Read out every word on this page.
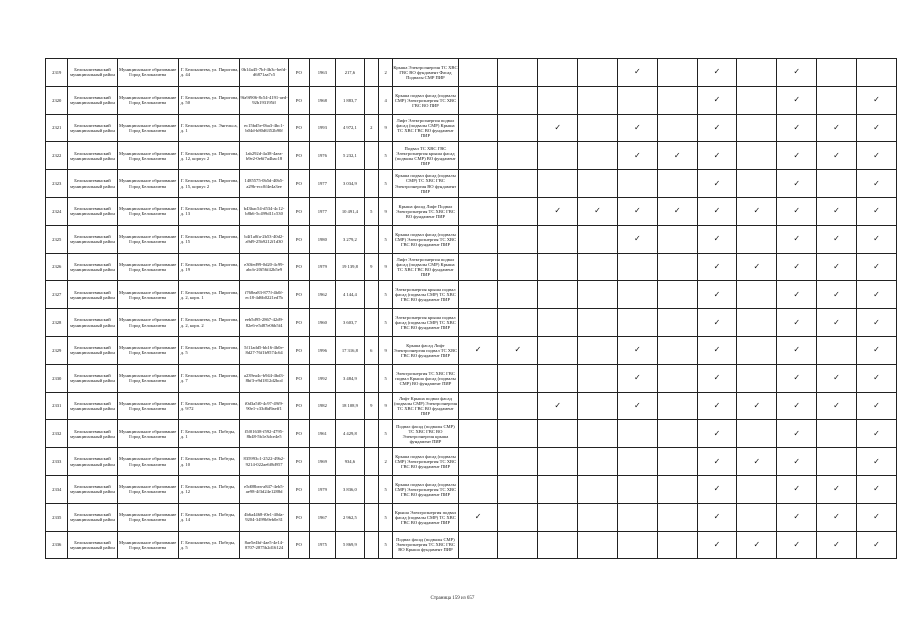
2319	Белокалитвинский муниципальный район	Муниципальное образование Город Белокалитва	Г. Белокалитва, ул. Пирогова, д. 44	0b14a45-7bf-4b3c-befd-d6871aa7c5	РО	1963	217,6		2	Крыша Электроэнергия ТС ХВС ГВС ВО фундамент Фасад Подвалы СМР ПИР					✓		✓		✓		
2320	Белокалитвинский муниципальный район	Муниципальное образование Город Белокалитва	Г. Белокалитва, ул. Пирогова, д. 50	9fa9f906-8c54-4191-aed-92b193195ff	РО	1968	1 883,7		4	Крыша подвал фасад (подвалы СМР) Электроэнергия ТС ХВС ГВС ВО ПИР							✓		✓		✓
2321	Белокалитвинский муниципальный район	Муниципальное образование Город Белокалитва	Г. Белокалитва, ул. Энгельса, д. 1	ec15bd5e-0ba3-4bc1-b04d-b80d6352b90f	РО	1993	4 972,1	2	9	Лифт Электроэнергия подвал фасад (подвалы СМР) Крыша ТС ХВС ГВС ВО фундамент ПИР			✓		✓		✓		✓	✓	✓
2322	Белокалитвинский муниципальный район	Муниципальное образование Город Белокалитва	Г. Белокалитва, ул. Пирогова, д. 12, корпус 2	1ab292d-4a38-4aea-b9e2-0e6f7a4bac18	РО	1976	5 232,1		5	Подвал ТС ХВС ГВС Электроэнергия крыша фасад (подвалы СМР) ВО фундамент ПИР					✓	✓	✓		✓	✓	✓
2323	Белокалитвинский муниципальный район	Муниципальное образование Город Белокалитва	Г. Белокалитва, ул. Пирогова, д. 15, корпус 2	1485575-0b5d-40b5-a29b-ecc0f4e4a3ee	РО	1977	3 034,9		5	Крыша подвал фасад (подвалы СМР) ТС ХВС ГВС Электроэнергия ВО фундамент ПИР							✓		✓		✓
2324	Белокалитвинский муниципальный район	Муниципальное образование Город Белокалитва	Г. Белокалитва, ул. Пирогова, д. 13	b43bac54-d534-4c12-b8b6-5c499d11c530	РО	1977	10 491,4	5	9	Крыша фасад Лифт Подвал Электроэнергия ТС ХВС ГВС ВО фундамент ПИР			✓	✓	✓	✓	✓	✓	✓	✓	✓
2325	Белокалитвинский муниципальный район	Муниципальное образование Город Белокалитва	Г. Белокалитва, ул. Пирогова, д. 15	b4f1a0fa-2b53-40d2-a9d9-25b9212f1d30	РО	1980	3 279,2		5	Крыша подвал фасад (подвалы СМР) Электроэнергия ТС ХВС ГВС ВО фундамент ПИР					✓		✓		✓	✓	✓
2326	Белокалитвинский муниципальный район	Муниципальное образование Город Белокалитва	Г. Белокалитва, ул. Пирогова, д. 19	e30fed99-0d20-4c99-abcb-20f56f42b5e9	РО	1979	19 139,8	9	9	Лифт Электроэнергия подвал фасад (подвалы СМР) Крыша ТС ХВС ГВС ВО фундамент ПИР							✓	✓	✓	✓	✓
2327	Белокалитвинский муниципальный район	Муниципальное образование Город Белокалитва	Г. Белокалитва, ул. Пирогова, д. 2, корп. 1	f768ea83-877f-4b0f-ec18-4d6b0221ed7b	РО	1962	4 144,4		5	Электроэнергия крыша подвал фасад (подвалы СМР) ТС ХВС ГВС ВО фундамент ПИР							✓		✓	✓	✓
2328	Белокалитвинский муниципальный район	Муниципальное образование Город Белокалитва	Г. Белокалитва, ул. Пирогова, д. 2, корп. 2	eeb5d95-2867-42d9-82e6-e5d87e06b5f4	РО	1960	3 603,7		5	Электроэнергия крыша подвал фасад (подвалы СМР) ТС ХВС ГВС ВО фундамент ПИР							✓		✓	✓	✓
2329	Белокалитвинский муниципальный район	Муниципальное образование Город Белокалитва	Г. Белокалитва, ул. Пирогова, д. 5	5f11add5-bb16-4b0e-8d27-76f1b9574c64	РО	1996	17 316,8	6	9	Крыша фасад Лифт Электроэнергия подвал ТС ХВС ГВС ВО фундамент ПИР	✓	✓			✓		✓		✓		✓
2330	Белокалитвинский муниципальный район	Муниципальное образование Город Белокалитва	Г. Белокалитва, ул. Пирогова, д. 7	a239ea4c-b944-4bd3-8bf3-e9d1812d2bcd	РО	1992	3 484,9		5	Электроэнергия ТС ХВС ГВС подвал Крыша фасад (подвалы СМР) ВО фундамент ПИР					✓		✓		✓	✓	✓
2331	Белокалитвинский муниципальный район	Муниципальное образование Город Белокалитва	Г. Белокалитва, ул. Пирогова, д. 9/72	f0d3a5f0-4c97-49f9-90e1-c33d6d9aeff1	РО	1982	18 108,9	9	9	Лифт Крыша подвал фасад (подвалы СМР) Электроэнергия ТС ХВС ГВС ВО фундамент ПИР			✓		✓		✓	✓	✓	✓	✓
2332	Белокалитвинский муниципальный район	Муниципальное образование Город Белокалитва	Г. Белокалитва, ул. Победы, д. 1	f5f01638-f592-4795-8b48-5b1e3dce4e5	РО	1961	4 429,8		5	Подвал фасад (подвалы СМР) ТС ХВС ГВС ВО Электроэнергия крыша фундамент ПИР							✓		✓		✓
2333	Белокалитвинский муниципальный район	Муниципальное образование Город Белокалитва	Г. Белокалитва, ул. Победы, д. 10	835993c1-2522-49b2-9214-022ae6f8d957	РО	1969	934,6		2	Крыша подвал фасад (подвалы СМР) Электроэнергия ТС ХВС ГВС ВО фундамент ПИР							✓	✓	✓		✓
2334	Белокалитвинский муниципальный район	Муниципальное образование Город Белокалитва	Г. Белокалитва, ул. Победы, д. 12	e5d08bea-a847-4eb5-ae98-4f3d24e1288d	РО	1979	3 836,0		5	Крыша подвал фасад (подвалы СМР) Электроэнергия ТС ХВС ГВС ВО фундамент ПИР							✓		✓	✓	✓
2335	Белокалитвинский муниципальный район	Муниципальное образование Город Белокалитва	Г. Белокалитва, ул. Победы, д. 14	4b6a4468-f0e1-40da-9204-3499b9eb0e31	РО	1967	2 962,5		5	Крыша Электроэнергия подвал фасад (подвалы СМР) ТС ХВС ГВС ВО фундамент ПИР	✓						✓		✓	✓	✓
2336	Белокалитвинский муниципальный район	Муниципальное образование Город Белокалитва	Г. Белокалитва, ул. Победы, д. 5	8ae5e4bf-4ae5-4e14-8707-2875b2d16124	РО	1975	5 869,9		5	Подвал фасад (подвалы СМР) Электроэнергия ТС ХВС ГВС ВО Крыша фундамент ПИР							✓	✓	✓	✓	✓
Страница 159 из 657
